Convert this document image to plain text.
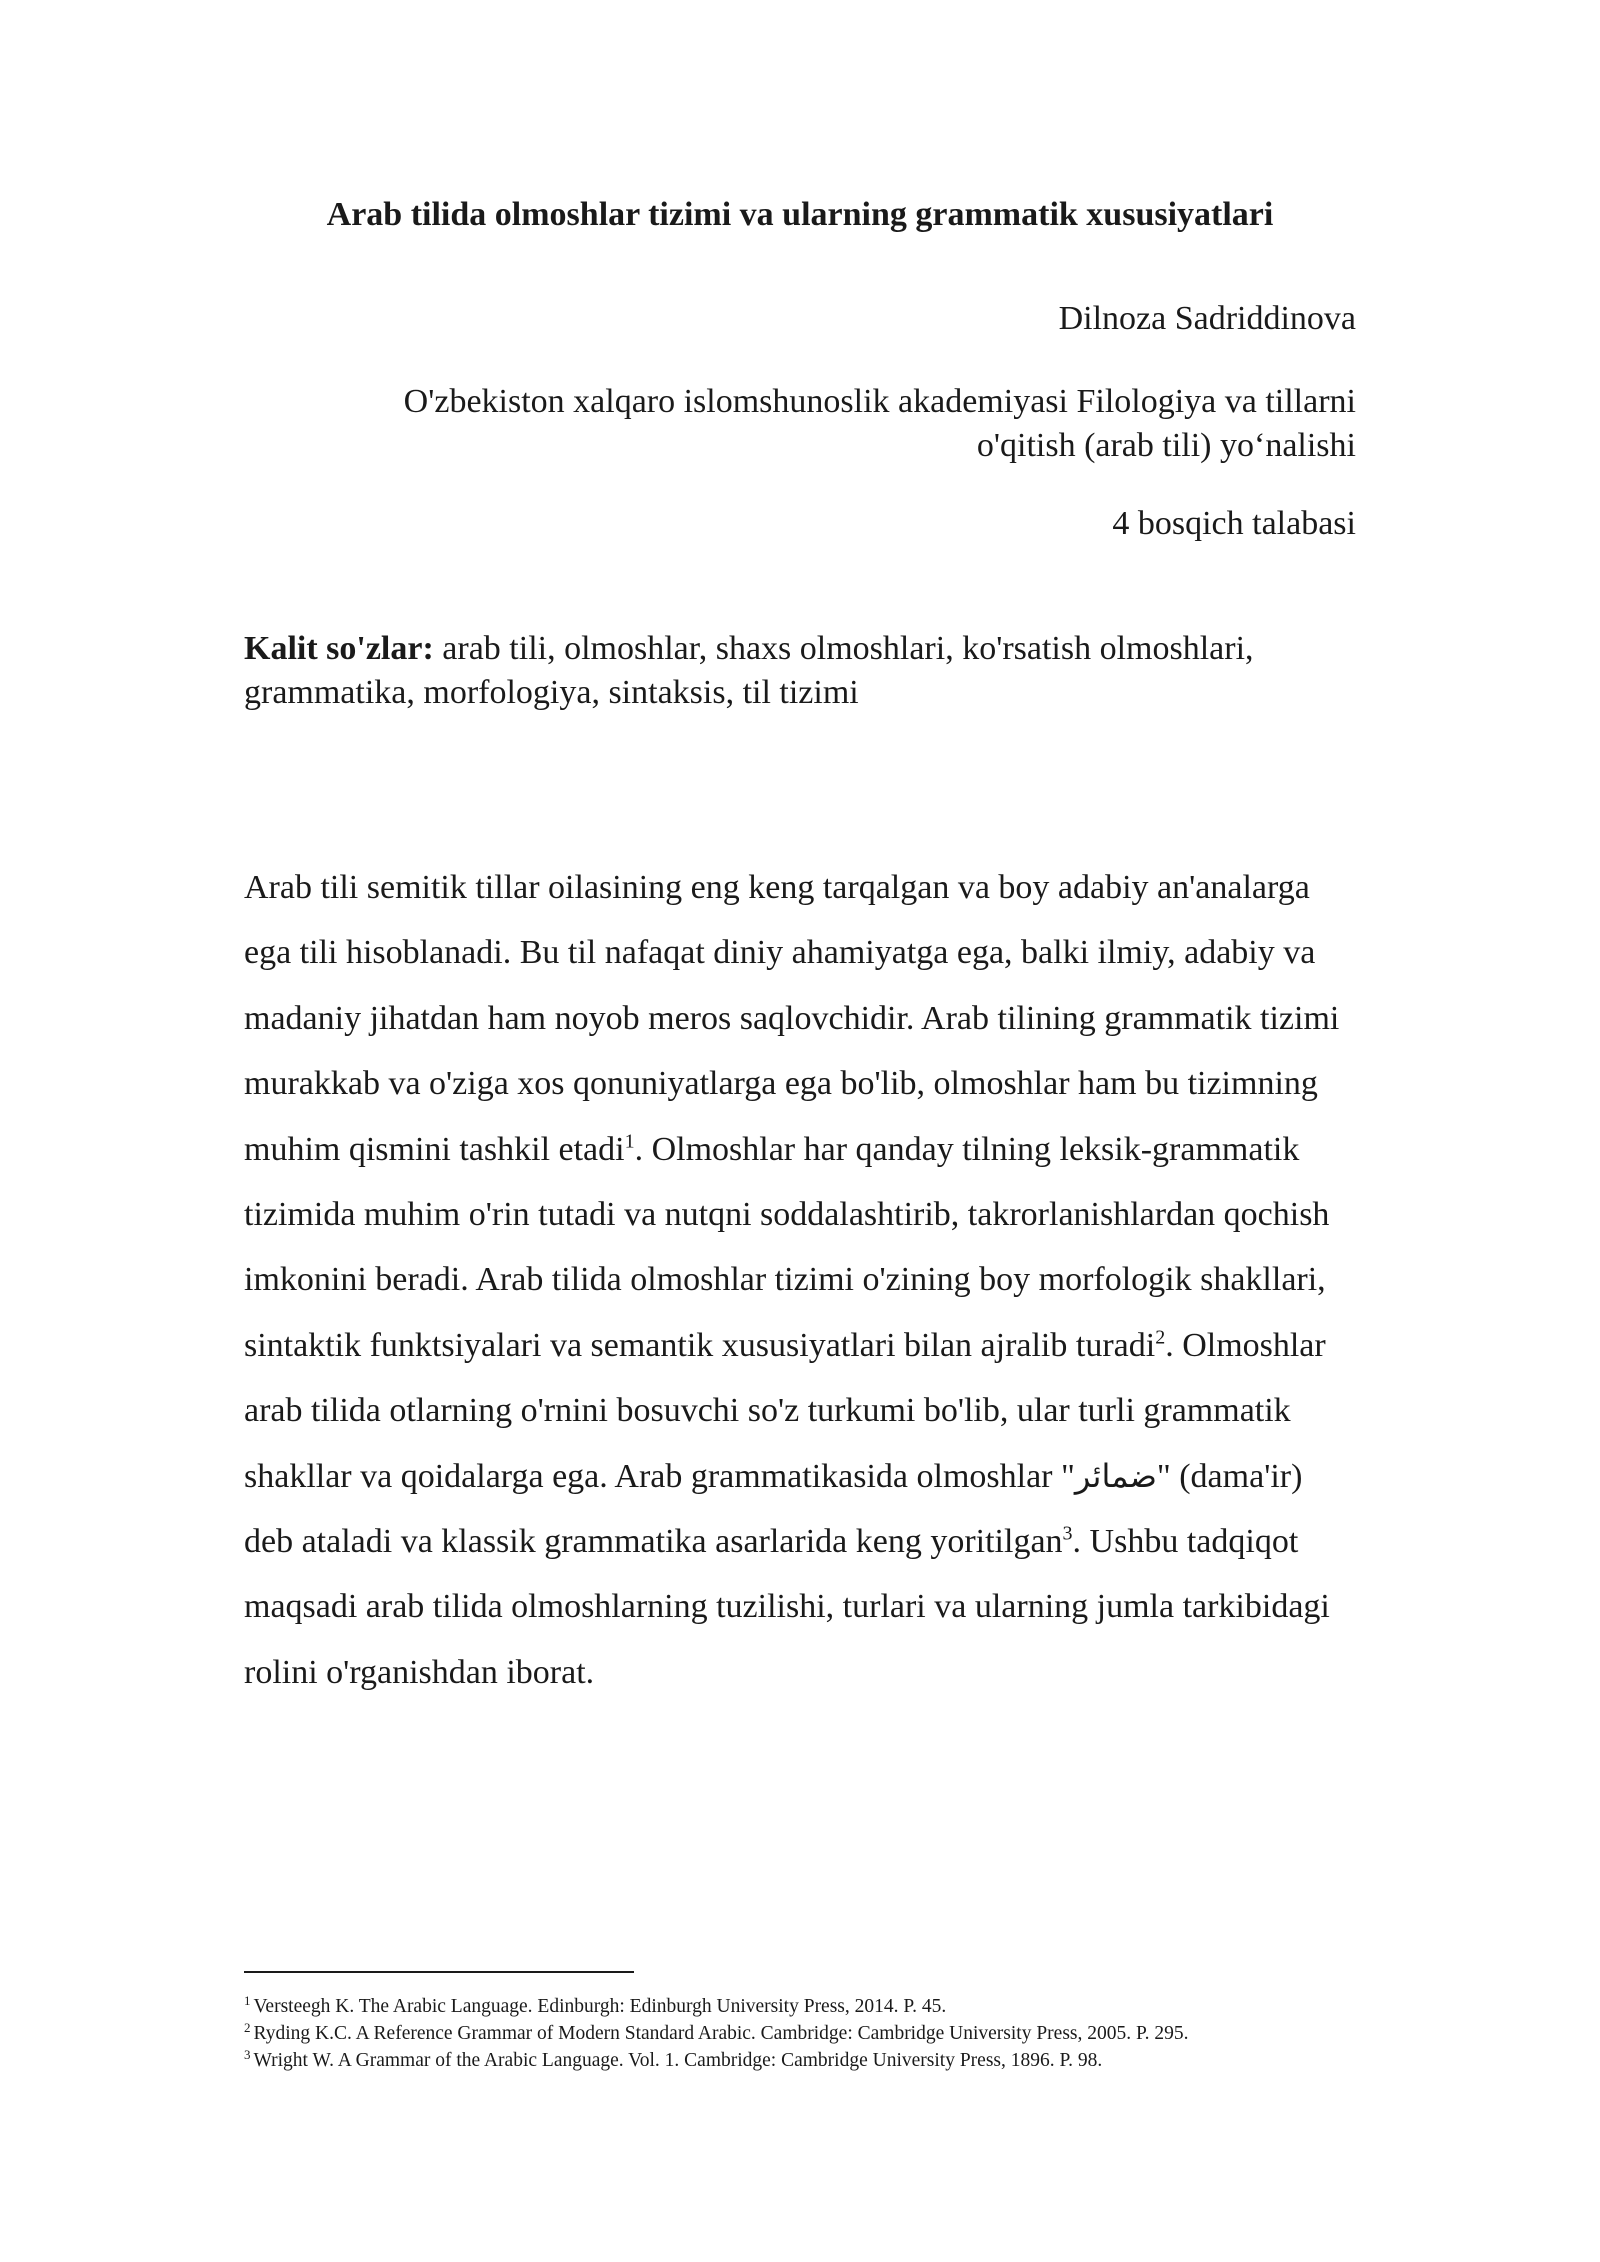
Arab tilida olmoshlar tizimi va ularning grammatik xususiyatlari

Dilnoza Sadriddinova

O'zbekiston xalqaro islomshunoslik akademiyasi Filologiya va tillarni
o'qitish (arab tili) yo‘nalishi

4 bosqich talabasi

Kalit so'zlar: arab tili, olmoshlar, shaxs olmoshlari, ko'rsatish olmoshlari, grammatika, morfologiya, sintaksis, til tizimi

Arab tili semitik tillar oilasining eng keng tarqalgan va boy adabiy an'analarga ega tili hisoblanadi. Bu til nafaqat diniy ahamiyatga ega, balki ilmiy, adabiy va madaniy jihatdan ham noyob meros saqlovchidir. Arab tilining grammatik tizimi murakkab va o'ziga xos qonuniyatlarga ega bo'lib, olmoshlar ham bu tizimning muhim qismini tashkil etadi$^1$. Olmoshlar har qanday tilning leksik-grammatik tizimida muhim o'rin tutadi va nutqni soddalashtirib, takrorlanishlardan qochish imkonini beradi. Arab tilida olmoshlar tizimi o'zining boy morfologik shakllari, sintaktik funktsiyalari va semantik xususiyatlari bilan ajralib turadi$^2$. Olmoshlar arab tilida otlarning o'rnini bosuvchi so'z turkumi bo'lib, ular turli grammatik shakllar va qoidalarga ega. Arab grammatikasida olmoshlar "ضمائر" (dama'ir) deb ataladi va klassik grammatika asarlarida keng yoritilgan$^3$. Ushbu tadqiqot maqsadi arab tilida olmoshlarning tuzilishi, turlari va ularning jumla tarkibidagi rolini o'rganishdan iborat.

$^1$ Versteegh K. The Arabic Language. Edinburgh: Edinburgh University Press, 2014. P. 45.

$^2$ Ryding K.C. A Reference Grammar of Modern Standard Arabic. Cambridge: Cambridge University Press, 2005. P. 295.

$^3$ Wright W. A Grammar of the Arabic Language. Vol. 1. Cambridge: Cambridge University Press, 1896. P. 98.
